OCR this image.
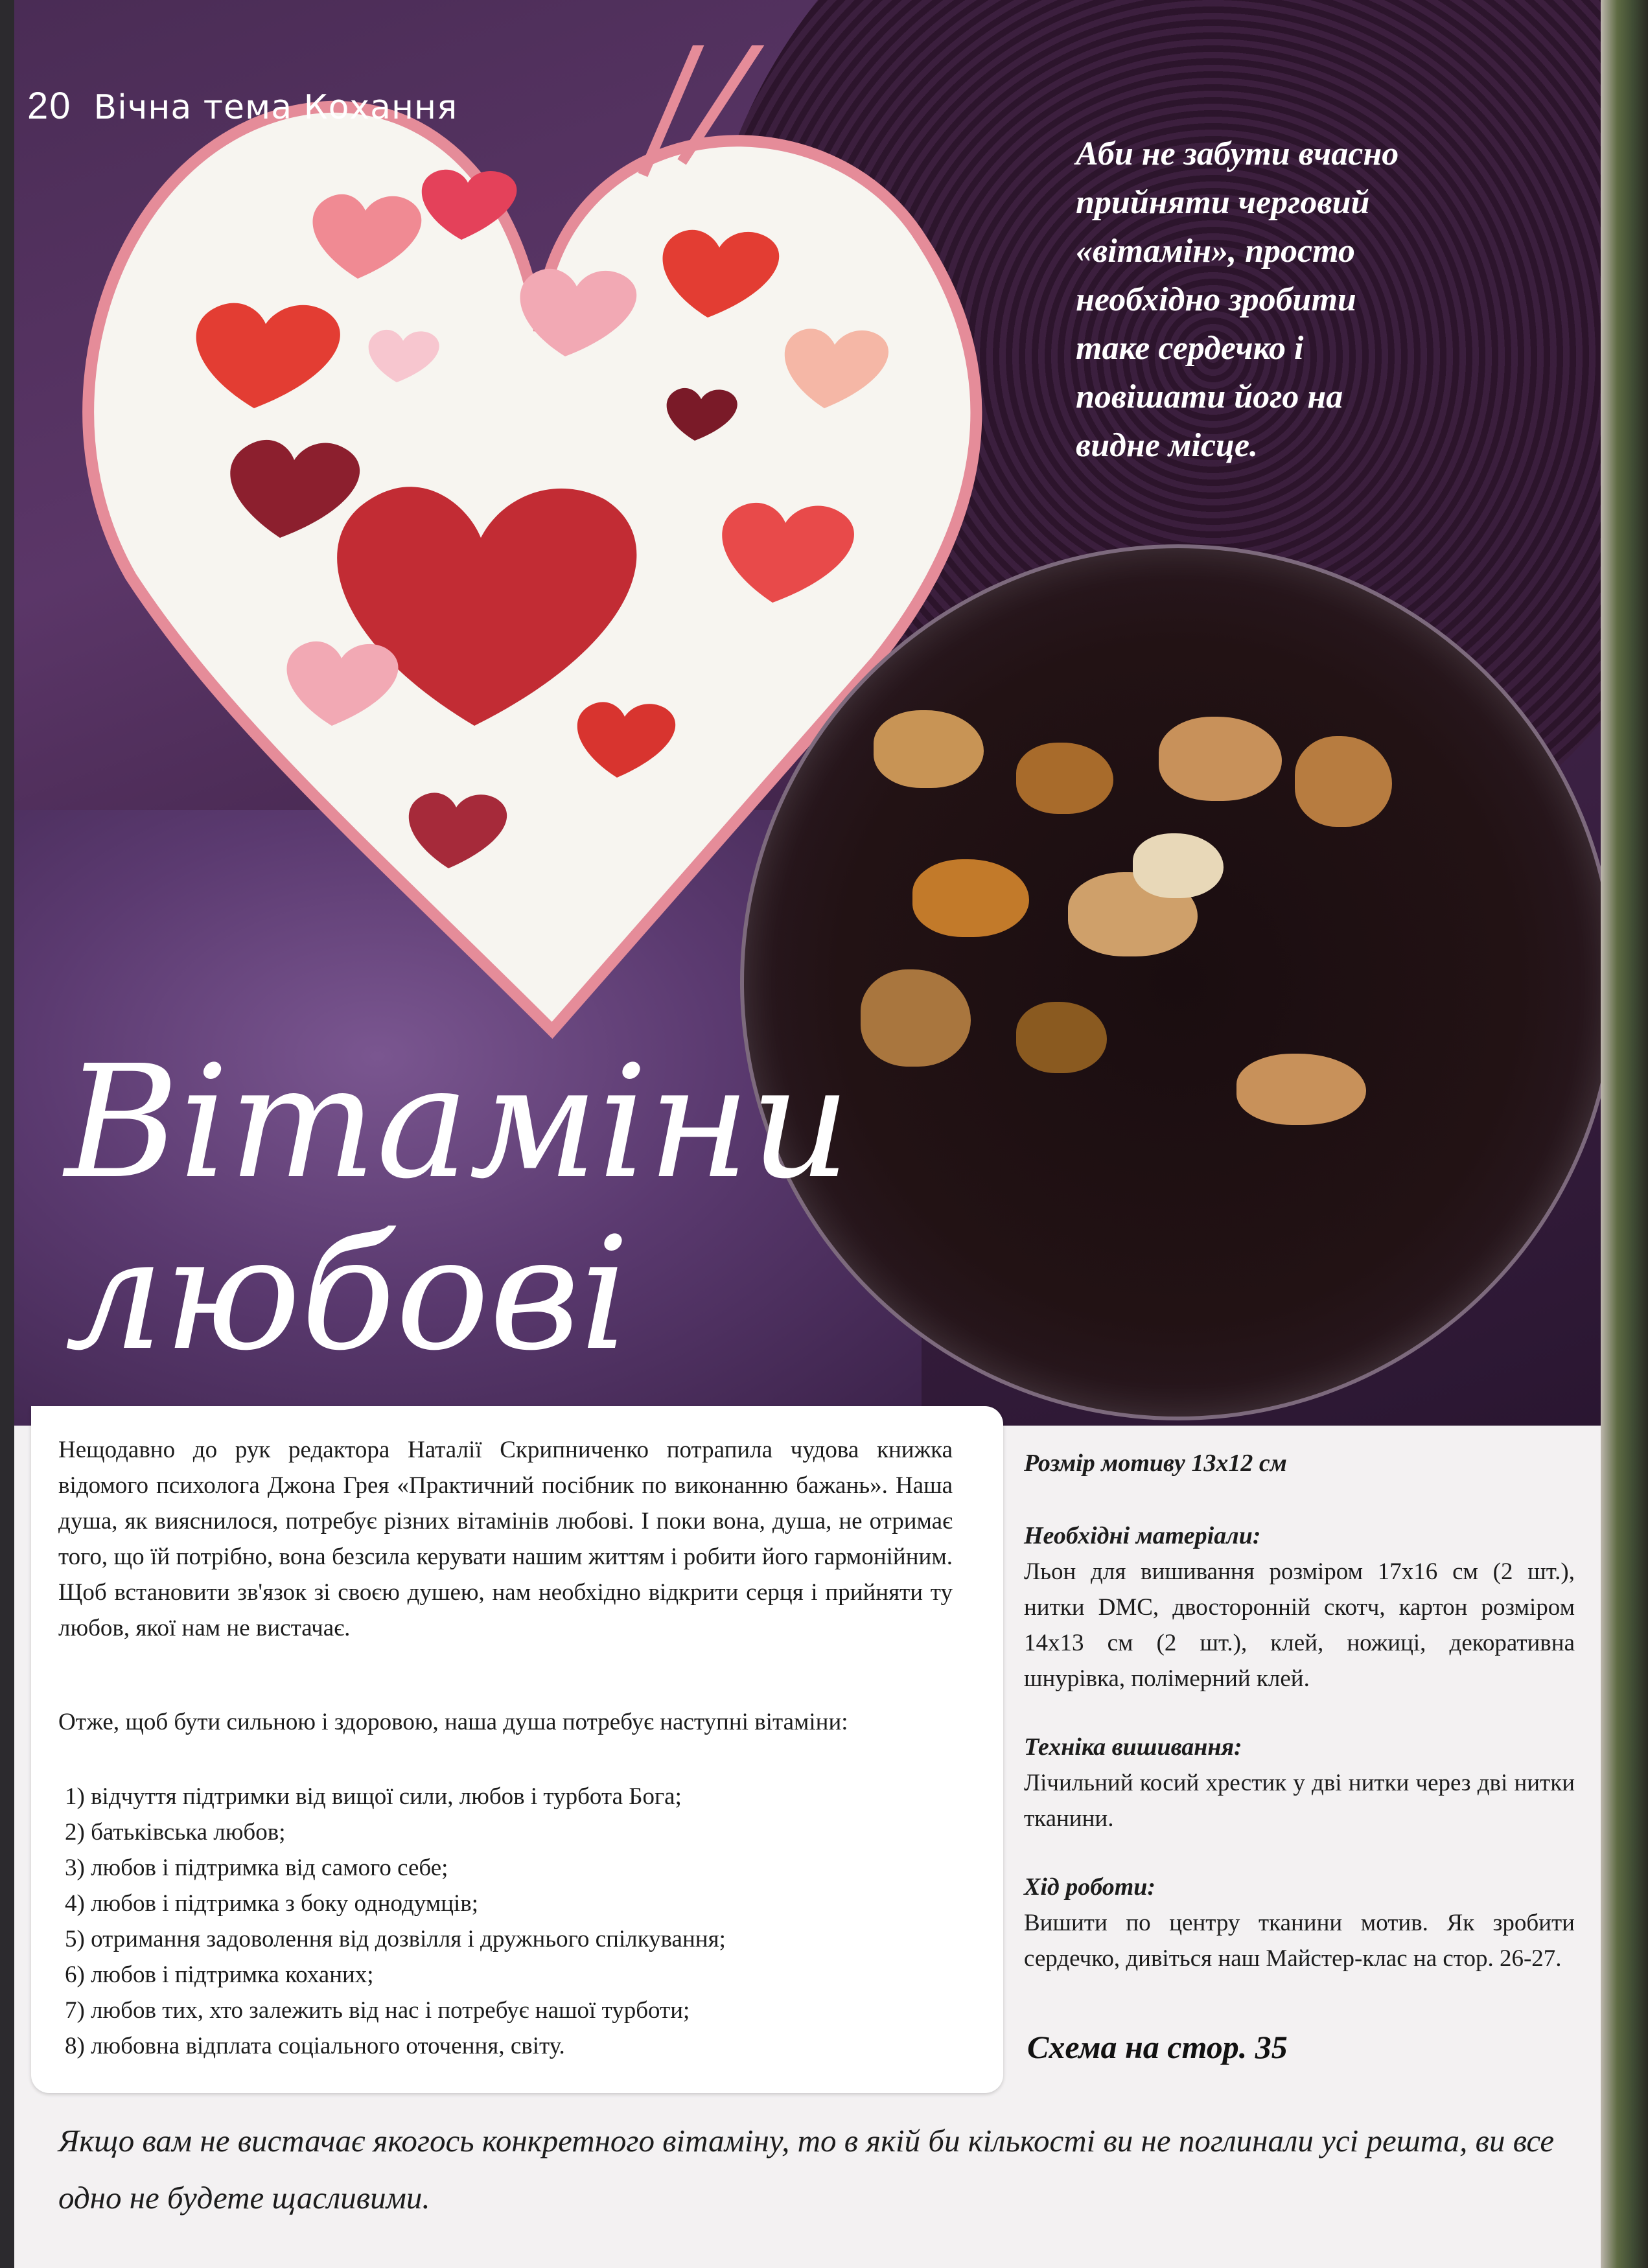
20 Вічна тема Кохання
Аби не забути вчасно
прийняти черговий
«вітамін», просто
необхідно зробити
таке сердечко і
повішати його на
видне місце.
Вітаміни
любові

Нещодавно до рук редактора Наталії Скрипниченко потрапила чудова книжка відомого психолога Джона Грея «Практичний посібник по виконанню бажань». Наша душа, як вияснилося, потребує різних вітамінів любові. І поки вона, душа, не отримає того, що їй потрібно, вона безсила керувати нашим життям і робити його гармонійним. Щоб встановити зв'язок зі своєю душею, нам необхідно відкрити серця і прийняти ту любов, якої нам не вистачає.

Отже, щоб бути сильною і здоровою, наша душа потребує наступні вітаміни:

1) відчуття підтримки від вищої сили, любов і турбота Бога;
2) батьківська любов;
3) любов і підтримка від самого себе;
4) любов і підтримка з боку однодумців;
5) отримання задоволення від дозвілля і дружнього спілкування;
6) любов і підтримка коханих;
7) любов тих, хто залежить від нас і потребує нашої турботи;
8) любовна відплата соціального оточення, світу.

Розмір мотиву 13х12 см

Необхідні матеріали:

Льон для вишивання розміром 17х16 см (2 шт.), нитки DMC, двосторонній скотч, картон розміром 14х13 см (2 шт.), клей, ножиці, декоративна шнурівка, полімерний клей.

Техніка вишивання:

Лічильний косий хрестик у дві нитки через дві нитки тканини.

Хід роботи:

Вишити по центру тканини мотив. Як зробити сердечко, дивіться наш Майстер-клас на стор. 26-27.

Схема на стор. 35
Якщо вам не вистачає якогось конкретного вітаміну, то в якій би кількості ви не поглинали усі решта, ви все одно не будете щасливими.
